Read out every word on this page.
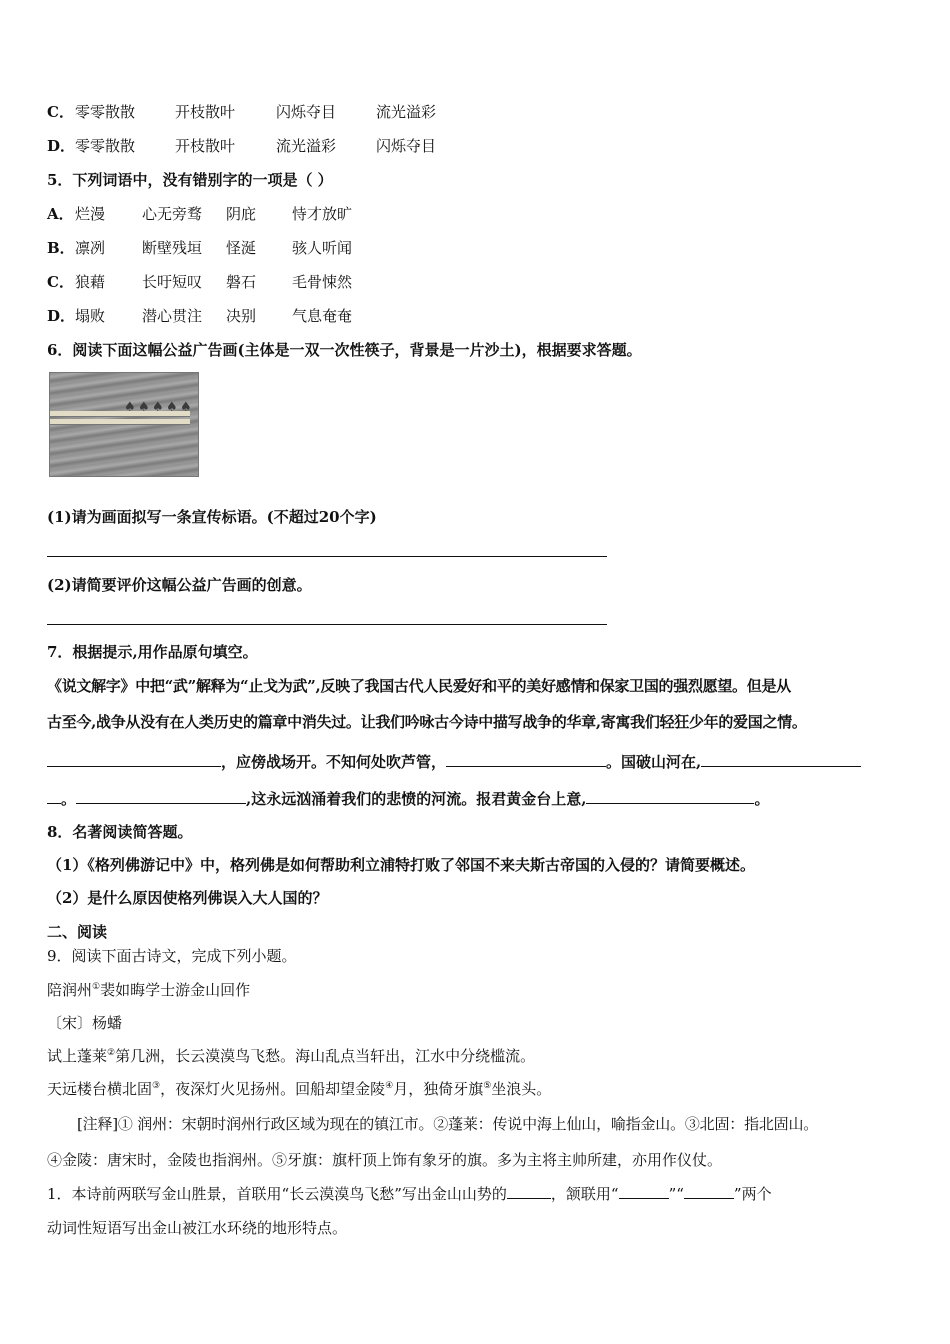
C．零零散散	开枝散叶	闪烁夺目	流光溢彩
D．零零散散	开枝散叶	流光溢彩	闪烁夺目
5．下列词语中，没有错别字的一项是（ ）
A．烂漫 心无旁骛 阴庇 恃才放旷
B．凛冽 断壁残垣 怪涎 骇人听闻
C．狼藉 长吁短叹 磐石 毛骨悚然
D．塌败 潜心贯注 决别 气息奄奄
6．阅读下面这幅公益广告画(主体是一双一次性筷子，背景是一片沙土)，根据要求答题。
♠ ♠ ♠ ♠ ♠
(1)请为画面拟写一条宣传标语。(不超过20个字)
(2)请简要评价这幅公益广告画的创意。
7．根据提示,用作品原句填空。
《说文解字》中把“武”解释为“止戈为武”,反映了我国古代人民爱好和平的美好感情和保家卫国的强烈愿望。但是从
古至今,战争从没有在人类历史的篇章中消失过。让我们吟咏古今诗中描写战争的华章,寄寓我们轻狂少年的爱国之情。
，应傍战场开。不知何处吹芦管，	。国破山河在,
。	,这永远汹涌着我们的悲愤的河流。报君黄金台上意,	。
8．名著阅读简答题。
（1）《格列佛游记中》中，格列佛是如何帮助利立浦特打败了邻国不来夫斯古帝国的入侵的？请简要概述。
（2）是什么原因使格列佛误入大人国的？
二、阅读
9．阅读下面古诗文，完成下列小题。
陪润州①裴如晦学士游金山回作
〔宋〕杨蟠
试上蓬莱②第几洲，长云漠漠鸟飞愁。海山乱点当轩出，江水中分绕槛流。
天远楼台横北固③，夜深灯火见扬州。回船却望金陵④月，独倚牙旗⑤坐浪头。
[注释]① 润州：宋朝时润州行政区域为现在的镇江市。②蓬莱：传说中海上仙山，喻指金山。③北固：指北固山。
④金陵：唐宋时，金陵也指润州。⑤牙旗：旗杆顶上饰有象牙的旗。多为主将主帅所建，亦用作仪仗。
1．本诗前两联写金山胜景，首联用“长云漠漠鸟飞愁”写出金山山势的	，颔联用“	”“	”两个
动词性短语写出金山被江水环绕的地形特点。
